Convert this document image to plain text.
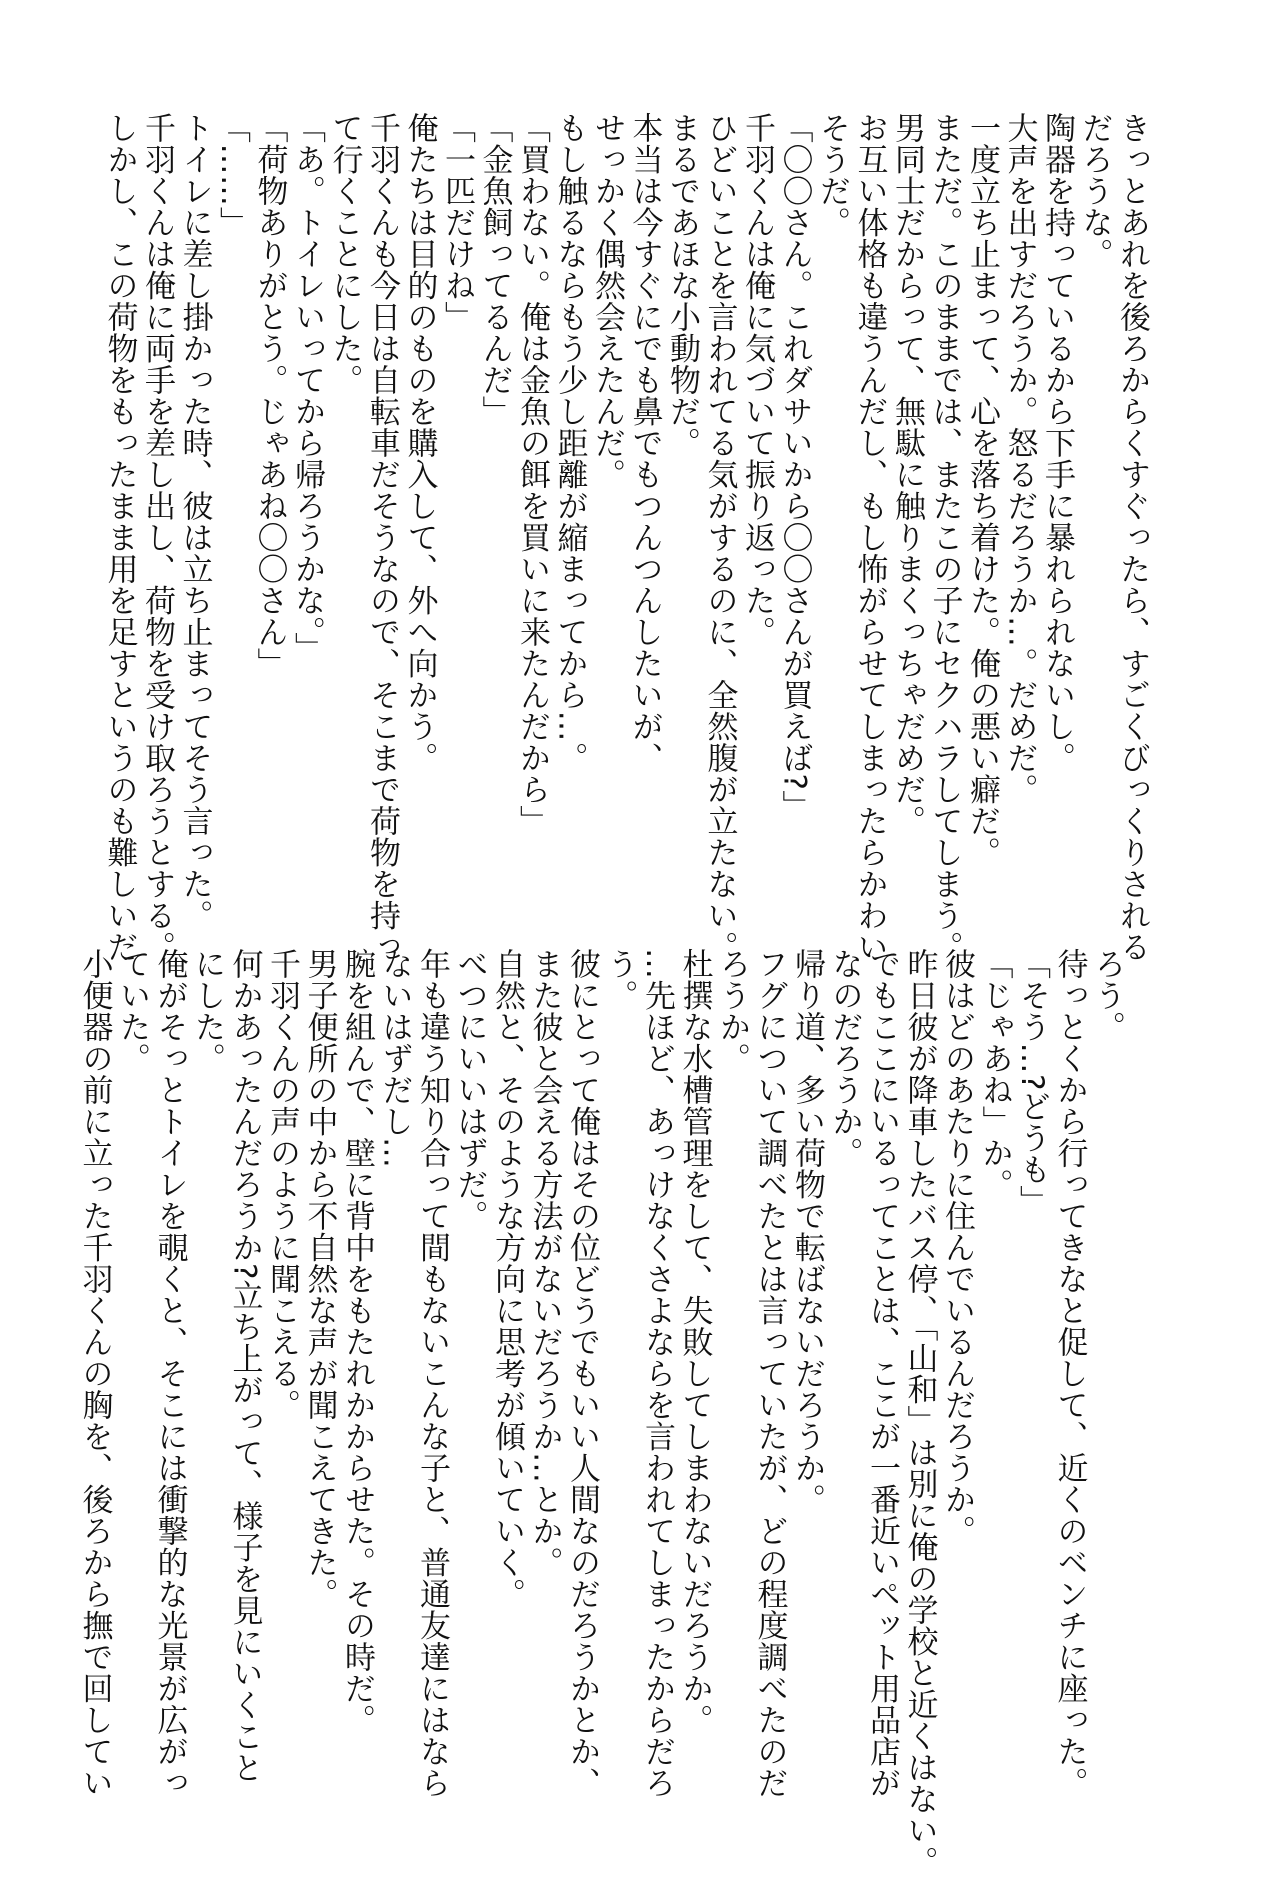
きっとあれを後ろからくすぐったら、すごくびっくりされる
だろうな。
陶器を持っているから下手に暴れられないし。
大声を出すだろうか。怒るだろうか…。だめだ。
一度立ち止まって、心を落ち着けた。俺の悪い癖だ。
まただ。このままでは、またこの子にセクハラしてしまう。
男同士だからって、無駄に触りまくっちゃだめだ。
お互い体格も違うんだし、もし怖がらせてしまったらかわい
そうだ。
「〇〇さん。これダサいから〇〇さんが買えば?」
千羽くんは俺に気づいて振り返った。
ひどいことを言われてる気がするのに、全然腹が立たない。
まるであほな小動物だ。
本当は今すぐにでも鼻でもつんつんしたいが、
せっかく偶然会えたんだ。
もし触るならもう少し距離が縮まってから…。
「買わない。俺は金魚の餌を買いに来たんだから」
「金魚飼ってるんだ」
「一匹だけね」
俺たちは目的のものを購入して、外へ向かう。
千羽くんも今日は自転車だそうなので、そこまで荷物を持っ
て行くことにした。
「あ。トイレいってから帰ろうかな。」
「荷物ありがとう。じゃあね〇〇さん」
「……」
トイレに差し掛かった時、彼は立ち止まってそう言った。
千羽くんは俺に両手を差し出し、荷物を受け取ろうとする。
しかし、この荷物をもったまま用を足すというのも難しいだ
ろう。
待っとくから行ってきなと促して、近くのベンチに座った。
「そう…?どうも」
「じゃあね」か。
彼はどのあたりに住んでいるんだろうか。
昨日彼が降車したバス停、「山和」は別に俺の学校と近くはない。
でもここにいるってことは、ここが一番近いペット用品店が
なのだろうか。
帰り道、多い荷物で転ばないだろうか。
フグについて調べたとは言っていたが、どの程度調べたのだ
ろうか。
杜撰な水槽管理をして、失敗してしまわないだろうか。
…先ほど、あっけなくさよならを言われてしまったからだろ
う。
彼にとって俺はその位どうでもいい人間なのだろうかとか、
また彼と会える方法がないだろうか…とか。
自然と、そのような方向に思考が傾いていく。
べつにいいはずだ。
年も違う知り合って間もないこんな子と、普通友達にはなら
ないはずだし…
腕を組んで、壁に背中をもたれかからせた。その時だ。
男子便所の中から不自然な声が聞こえてきた。
千羽くんの声のように聞こえる。
何かあったんだろうか?立ち上がって、様子を見にいくこと
にした。
俺がそっとトイレを覗くと、そこには衝撃的な光景が広がっ
ていた。
小便器の前に立った千羽くんの胸を、後ろから撫で回してい
